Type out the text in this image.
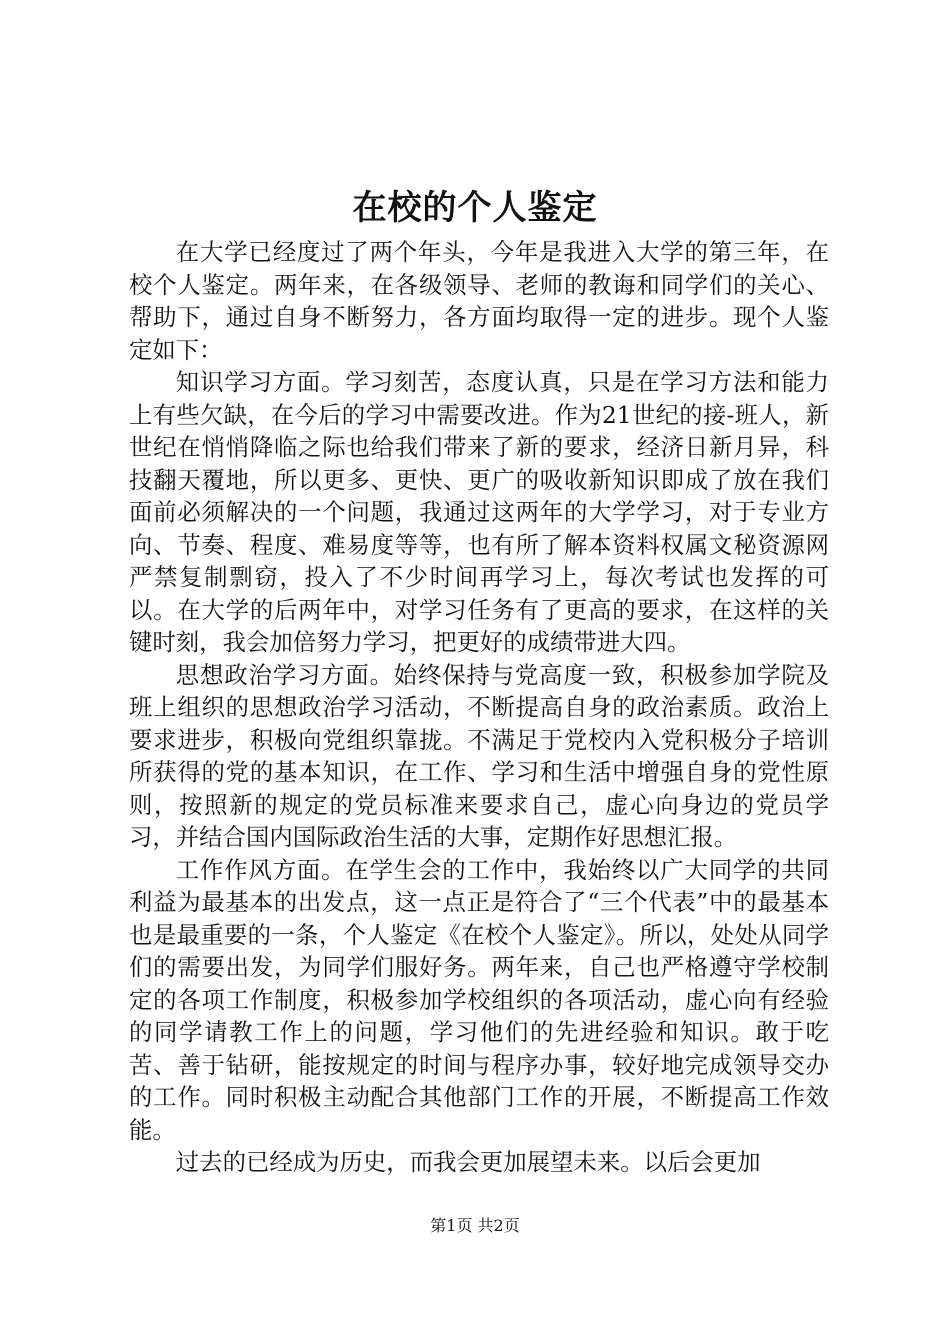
在校的个人鉴定

在大学已经度过了两个年头，今年是我进入大学的第三年，在校个人鉴定。两年来，在各级领导、老师的教诲和同学们的关心、帮助下，通过自身不断努力，各方面均取得一定的进步。现个人鉴定如下：

知识学习方面。学习刻苦，态度认真，只是在学习方法和能力上有些欠缺，在今后的学习中需要改进。作为21世纪的接-班人，新世纪在悄悄降临之际也给我们带来了新的要求，经济日新月异，科技翻天覆地，所以更多、更快、更广的吸收新知识即成了放在我们面前必须解决的一个问题，我通过这两年的大学学习，对于专业方向、节奏、程度、难易度等等，也有所了解本资料权属文秘资源网严禁复制剽窃，投入了不少时间再学习上，每次考试也发挥的可以。在大学的后两年中，对学习任务有了更高的要求，在这样的关键时刻，我会加倍努力学习，把更好的成绩带进大四。

思想政治学习方面。始终保持与党高度一致，积极参加学院及班上组织的思想政治学习活动，不断提高自身的政治素质。政治上要求进步，积极向党组织靠拢。不满足于党校内入党积极分子培训所获得的党的基本知识，在工作、学习和生活中增强自身的党性原则，按照新的规定的党员标准来要求自己，虚心向身边的党员学习，并结合国内国际政治生活的大事，定期作好思想汇报。

工作作风方面。在学生会的工作中，我始终以广大同学的共同利益为最基本的出发点，这一点正是符合了“三个代表”中的最基本也是最重要的一条，个人鉴定《在校个人鉴定》。所以，处处从同学们的需要出发，为同学们服好务。两年来，自己也严格遵守学校制定的各项工作制度，积极参加学校组织的各项活动，虚心向有经验的同学请教工作上的问题，学习他们的先进经验和知识。敢于吃苦、善于钻研，能按规定的时间与程序办事，较好地完成领导交办的工作。同时积极主动配合其他部门工作的开展，不断提高工作效能。

过去的已经成为历史，而我会更加展望未来。以后会更加

第1页 共2页
